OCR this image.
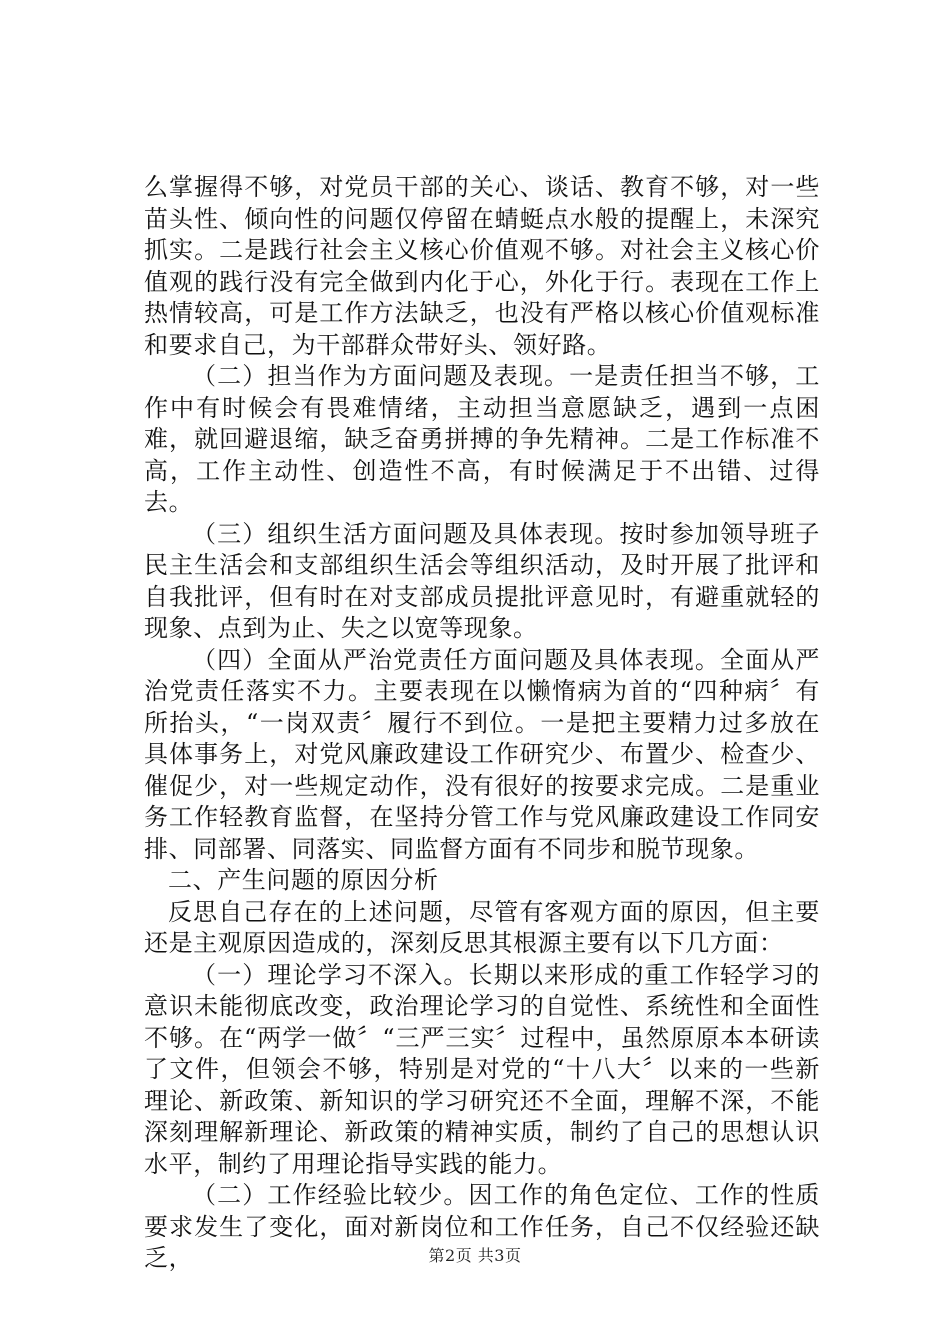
么掌握得不够，对党员干部的关心、谈话、教育不够，对一些苗头性、倾向性的问题仅停留在蜻蜓点水般的提醒上，未深究抓实。二是践行社会主义核心价值观不够。对社会主义核心价值观的践行没有完全做到内化于心，外化于行。表现在工作上热情较高，可是工作方法缺乏，也没有严格以核心价值观标准和要求自己，为干部群众带好头、领好路。

（二）担当作为方面问题及表现。一是责任担当不够，工作中有时候会有畏难情绪，主动担当意愿缺乏，遇到一点困难，就回避退缩，缺乏奋勇拼搏的争先精神。二是工作标准不高，工作主动性、创造性不高，有时候满足于不出错、过得去。

（三）组织生活方面问题及具体表现。按时参加领导班子民主生活会和支部组织生活会等组织活动，及时开展了批评和自我批评，但有时在对支部成员提批评意见时，有避重就轻的现象、点到为止、失之以宽等现象。

（四）全面从严治党责任方面问题及具体表现。全面从严治党责任落实不力。主要表现在以懒惰病为首的“四种病〞有所抬头，“一岗双责〞履行不到位。一是把主要精力过多放在具体事务上，对党风廉政建设工作研究少、布置少、检查少、催促少，对一些规定动作，没有很好的按要求完成。二是重业务工作轻教育监督，在坚持分管工作与党风廉政建设工作同安排、同部署、同落实、同监督方面有不同步和脱节现象。

二、产生问题的原因分析

反思自己存在的上述问题，尽管有客观方面的原因，但主要还是主观原因造成的，深刻反思其根源主要有以下几方面：

（一）理论学习不深入。长期以来形成的重工作轻学习的意识未能彻底改变，政治理论学习的自觉性、系统性和全面性不够。在“两学一做〞“三严三实〞过程中，虽然原原本本研读了文件，但领会不够，特别是对党的“十八大〞以来的一些新理论、新政策、新知识的学习研究还不全面，理解不深，不能深刻理解新理论、新政策的精神实质，制约了自己的思想认识水平，制约了用理论指导实践的能力。

（二）工作经验比较少。因工作的角色定位、工作的性质要求发生了变化，面对新岗位和工作任务，自己不仅经验还缺乏，	第2页 共3页
